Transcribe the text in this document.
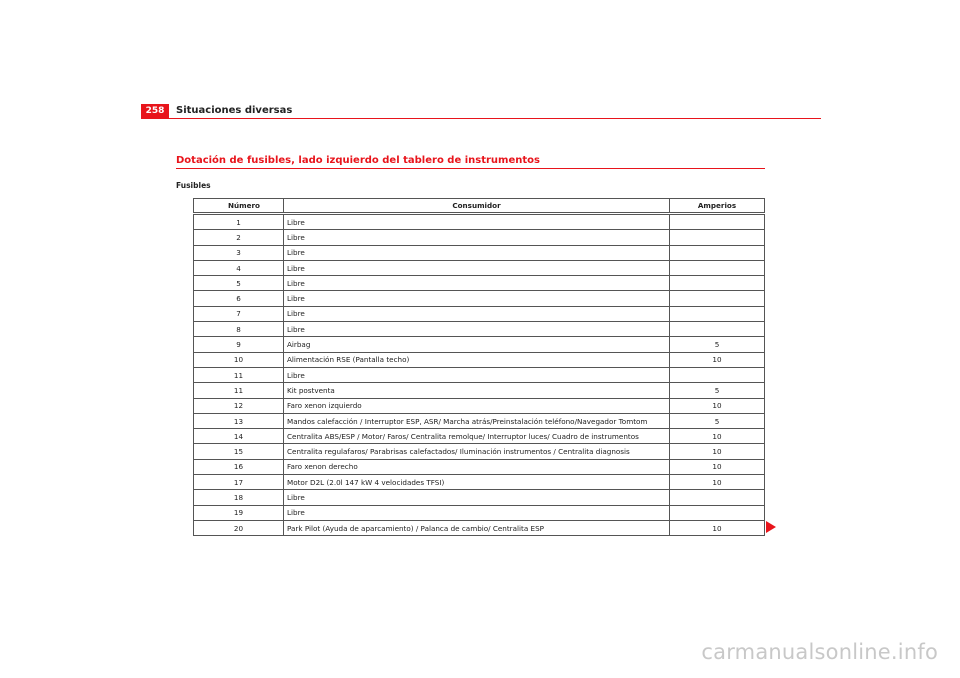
258	Situaciones diversas
Dotación de fusibles, lado izquierdo del tablero de instrumentos
Fusibles
Número	Consumidor	Amperios
1	Libre	
2	Libre	
3	Libre	
4	Libre	
5	Libre	
6	Libre	
7	Libre	
8	Libre	
9	Airbag	5
10	Alimentación RSE (Pantalla techo)	10
11	Libre	
11	Kit postventa	5
12	Faro xenon izquierdo	10
13	Mandos calefacción / Interruptor ESP, ASR/ Marcha atrás/Preinstalación teléfono/Navegador Tomtom	5
14	Centralita ABS/ESP / Motor/ Faros/ Centralita remolque/ Interruptor luces/ Cuadro de instrumentos	10
15	Centralita regulafaros/ Parabrisas calefactados/ Iluminación instrumentos / Centralita diagnosis	10
16	Faro xenon derecho	10
17	Motor D2L (2.0l 147 kW 4 velocidades TFSI)	10
18	Libre	
19	Libre	
20	Park Pilot (Ayuda de aparcamiento) / Palanca de cambio/ Centralita ESP	10
carmanualsonline.info
